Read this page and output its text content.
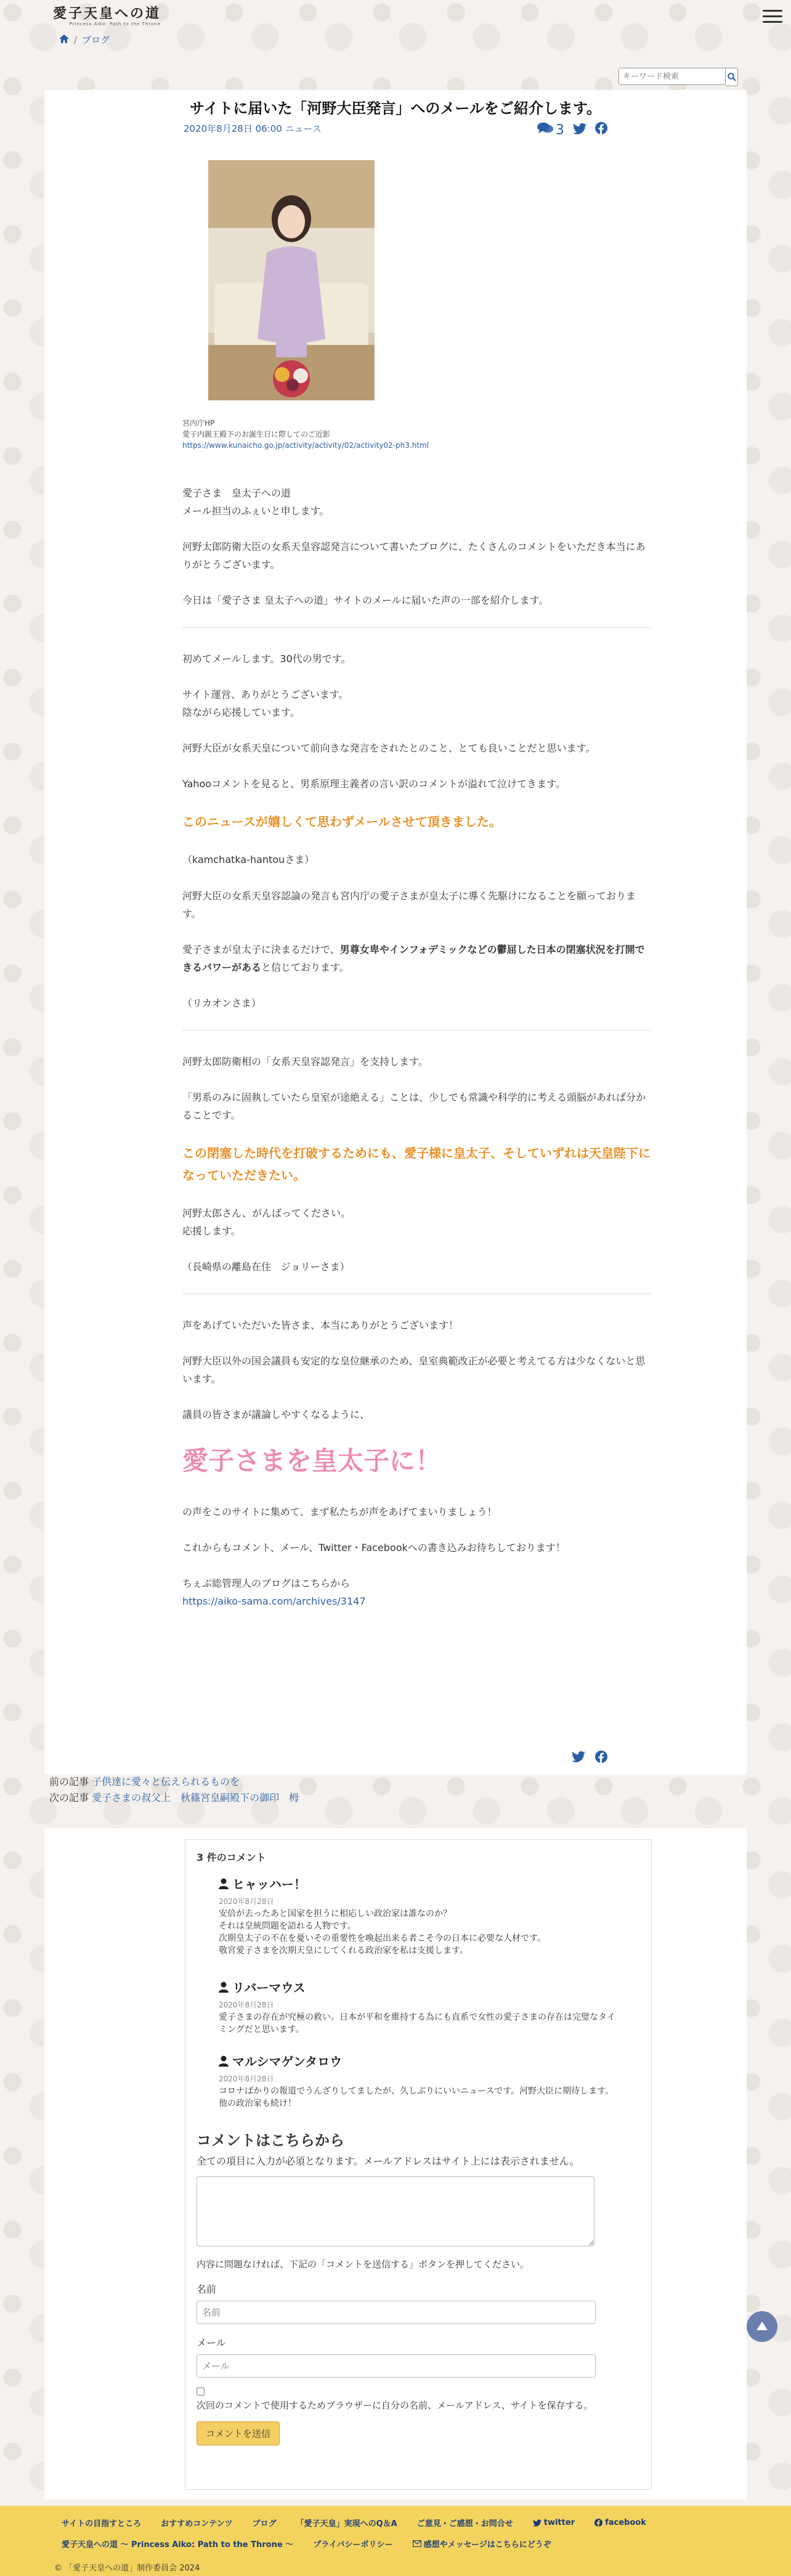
愛子天皇への道
Princess Aiko: Path to the Throne
/ ブログ
キーワード検索
サイトに届いた「河野大臣発言」へのメールをご紹介します。
2020年8月28日 06:00 ニュース	3
宮内庁HP
愛子内親王殿下のお誕生日に際してのご近影
https://www.kunaicho.go.jp/activity/activity/02/activity02-ph3.html

愛子さま　皇太子への道
メール担当のふぇいと申します。

河野太郎防衛大臣の女系天皇容認発言について書いたブログに、たくさんのコメントをいただき本当にありがとうございます。

今日は「愛子さま 皇太子への道」サイトのメールに届いた声の一部を紹介します。

初めてメールします。30代の男です。

サイト運営、ありがとうございます。
陰ながら応援しています。

河野大臣が女系天皇について前向きな発言をされたとのこと、とても良いことだと思います。

Yahooコメントを見ると、男系原理主義者の言い訳のコメントが溢れて泣けてきます。

このニュースが嬉しくて思わずメールさせて頂きました。

（kamchatka-hantouさま）

河野大臣の女系天皇容認論の発言も宮内庁の愛子さまが皇太子に導く先駆けになることを願っております。

愛子さまが皇太子に決まるだけで、男尊女卑やインフォデミックなどの鬱屈した日本の閉塞状況を打開できるパワーがあると信じております。

（リカオンさま）

河野太郎防衛相の「女系天皇容認発言」を支持します。

「男系のみに固執していたら皇室が途絶える」ことは、少しでも常識や科学的に考える頭脳があれば分かることです。

この閉塞した時代を打破するためにも、愛子様に皇太子、そしていずれは天皇陛下になっていただきたい。

河野太郎さん、がんばってください。
応援します。

（長崎県の離島在住　ジョリーさま）

声をあげていただいた皆さま、本当にありがとうございます！

河野大臣以外の国会議員も安定的な皇位継承のため、皇室典範改正が必要と考えてる方は少なくないと思います。

議員の皆さまが議論しやすくなるように、

愛子さまを皇太子に！

の声をこのサイトに集めて、まず私たちが声をあげてまいりましょう！

これからもコメント、メール、Twitter・Facebookへの書き込みお待ちしております！

ちぇぶ総管理人のブログはこちらから
https://aiko-sama.com/archives/3147

前の記事 子供達に愛々と伝えられるものを
次の記事 愛子さまの叔父上　秋篠宮皇嗣殿下の御印　栂
3 件のコメント
ヒャッハー！
2020年8月28日
安倍が去ったあと国家を担うに相応しい政治家は誰なのか？
それは皇統問題を語れる人物です。
次期皇太子の不在を憂いその重要性を喚起出来る者こそ今の日本に必要な人材です。
敬宮愛子さまを次期天皇にしてくれる政治家を私は支援します。
リバーマウス
2020年8月28日
愛子さまの存在が究極の救い。日本が平和を維持する為にも直系で女性の愛子さまの存在は完璧なタイミングだと思います。
マルシマゲンタロウ
2020年8月28日
コロナばかりの報道でうんざりしてましたが、久しぶりにいいニュースです。河野大臣に期待します。他の政治家も続け！
コメントはこちらから
全ての項目に入力が必須となります。メールアドレスはサイト上には表示されません。
内容に問題なければ、下記の「コメントを送信する」ボタンを押してください。
名前
名前
メール
メール
次回のコメントで使用するためブラウザーに自分の名前、メールアドレス、サイトを保存する。
コメントを送信
サイトの目指すところ おすすめコンテンツ ブログ 「愛子天皇」実現へのQ＆A ご意見・ご感想・お問合せ	twitter	facebook
愛子天皇への道 〜 Princess Aiko: Path to the Throne 〜 プライバシーポリシー	感想やメッセージはこちらにどうぞ
© 「愛子天皇への道」制作委員会 2024
